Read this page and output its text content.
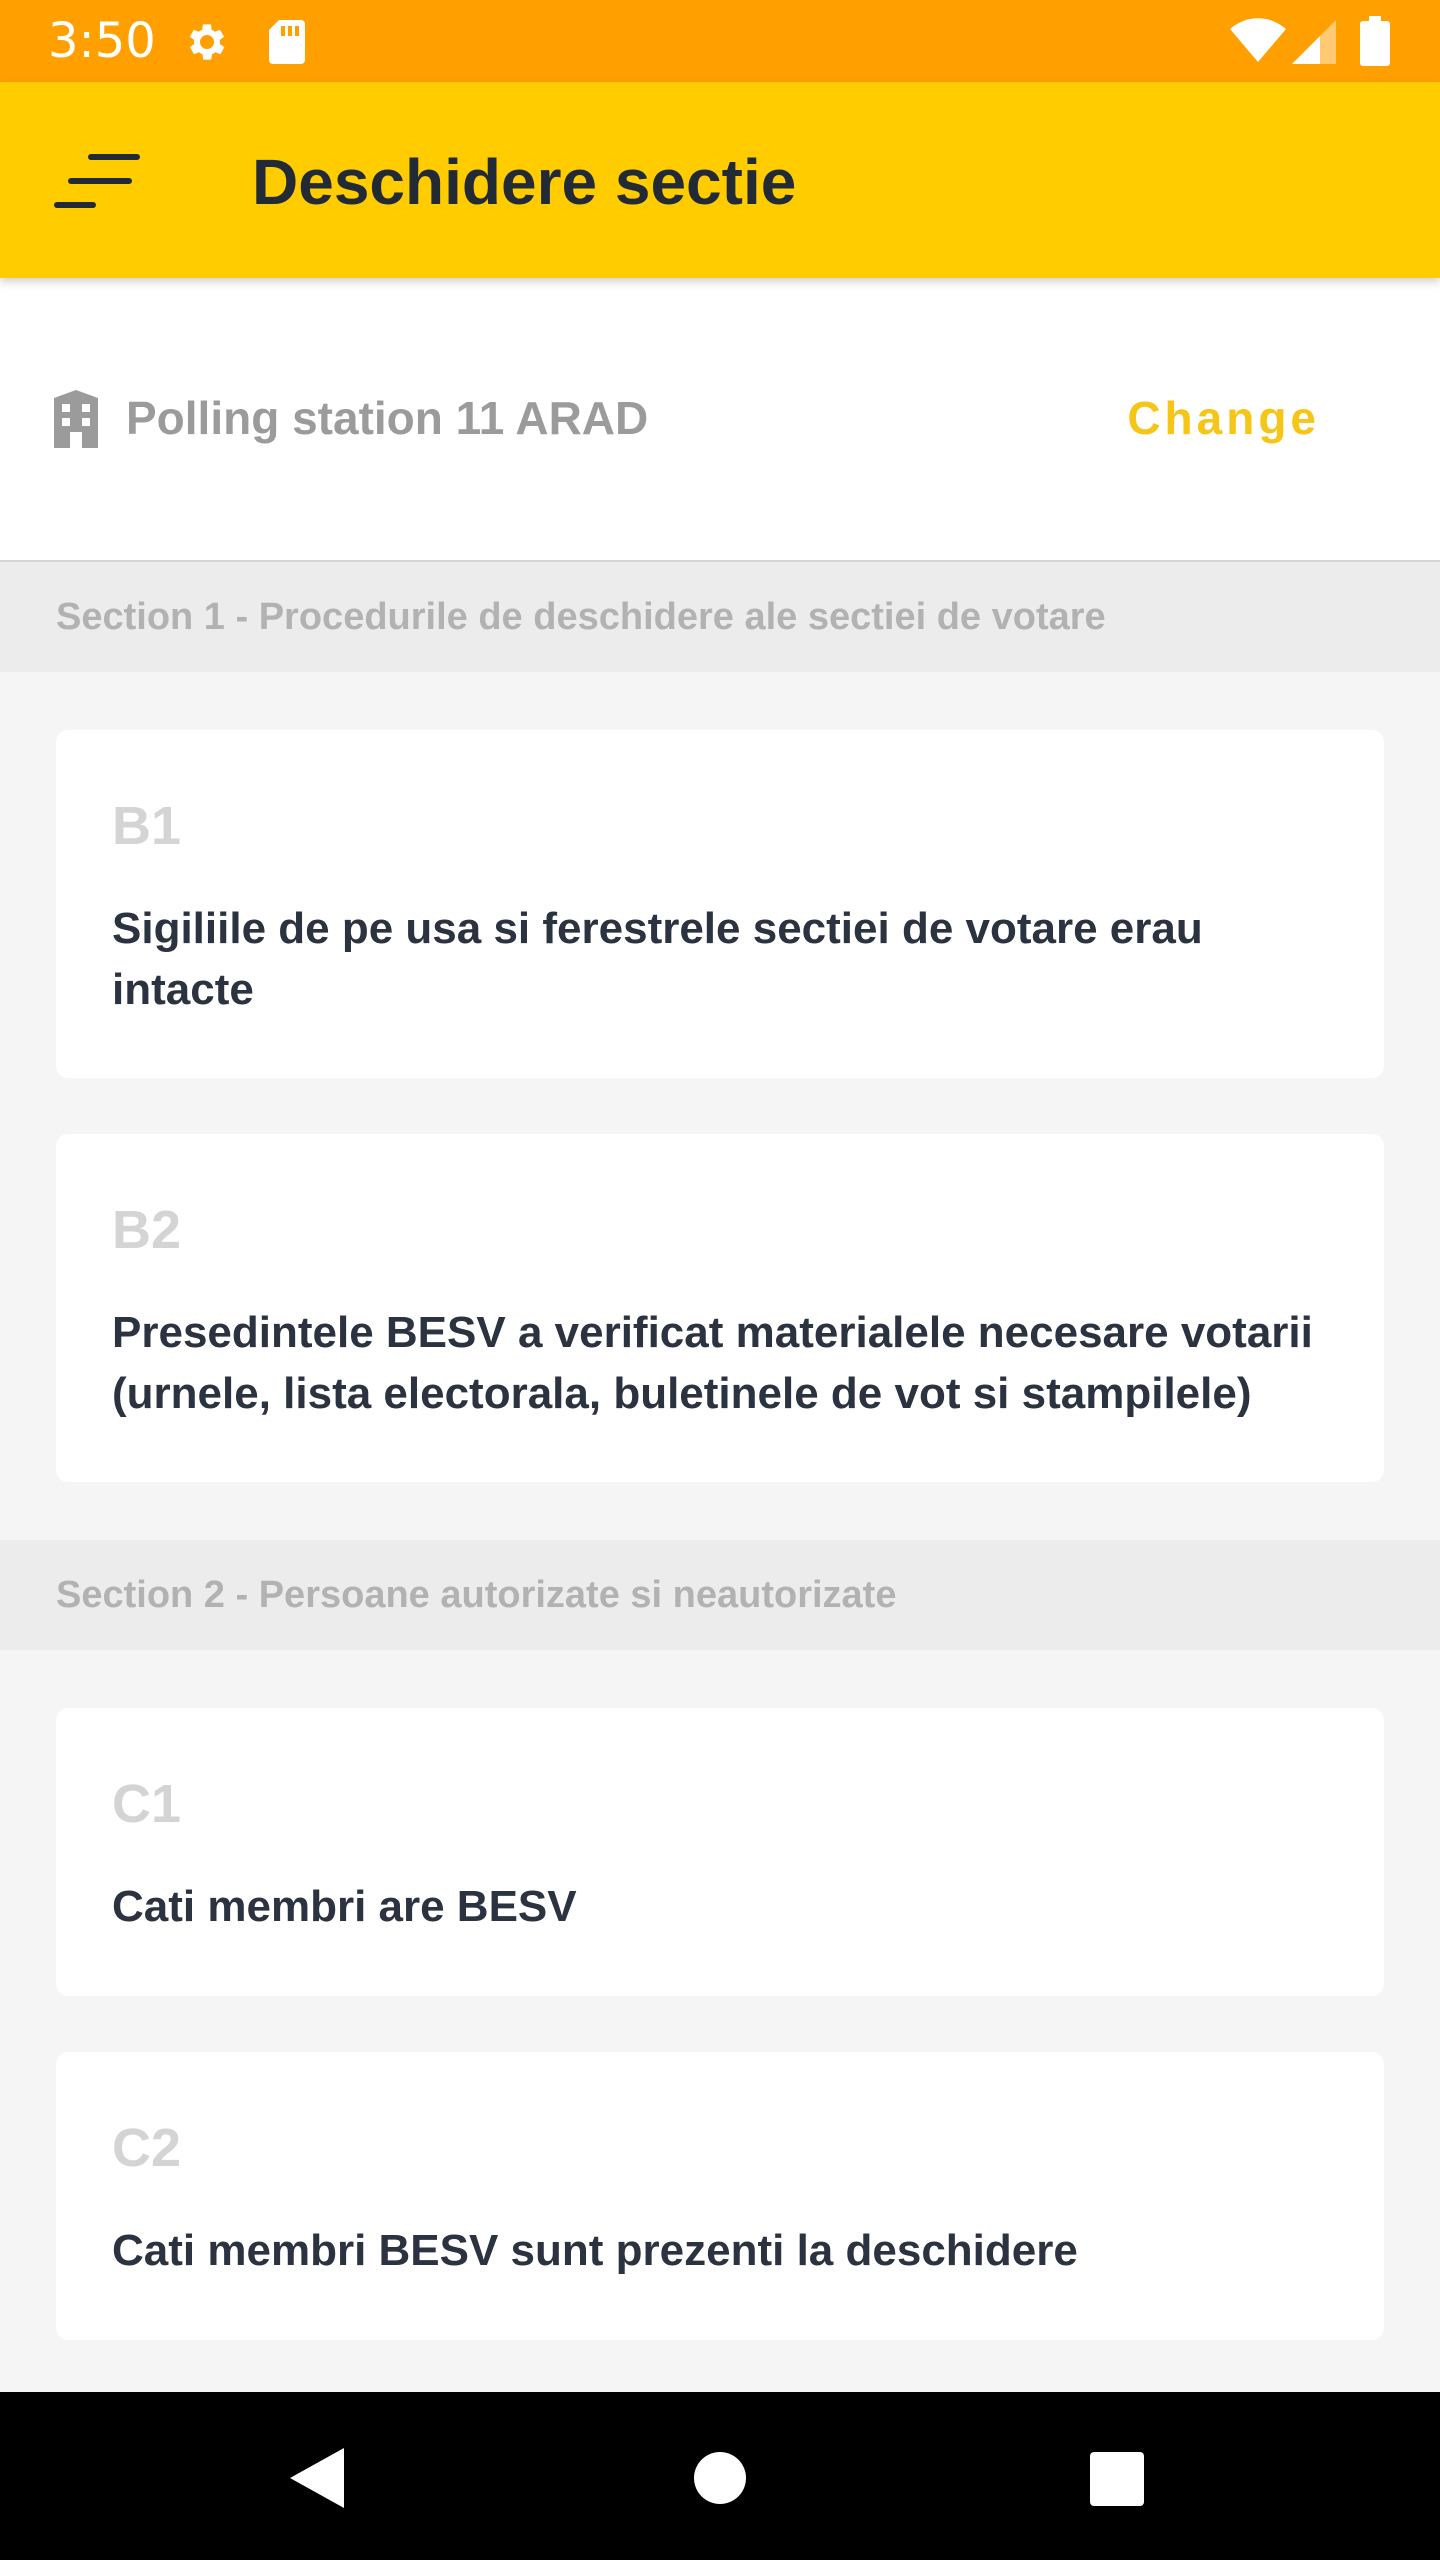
3:50
Deschidere sectie
Polling station 11 ARAD	Change
Section 1 - Procedurile de deschidere ale sectiei de votare
B1
Sigiliile de pe usa si ferestrele sectiei de votare erau intacte
B2
Presedintele BESV a verificat materialele necesare votarii (urnele, lista electorala, buletinele de vot si stampilele)
Section 2 - Persoane autorizate si neautorizate
C1
Cati membri are BESV
C2
Cati membri BESV sunt prezenti la deschidere
